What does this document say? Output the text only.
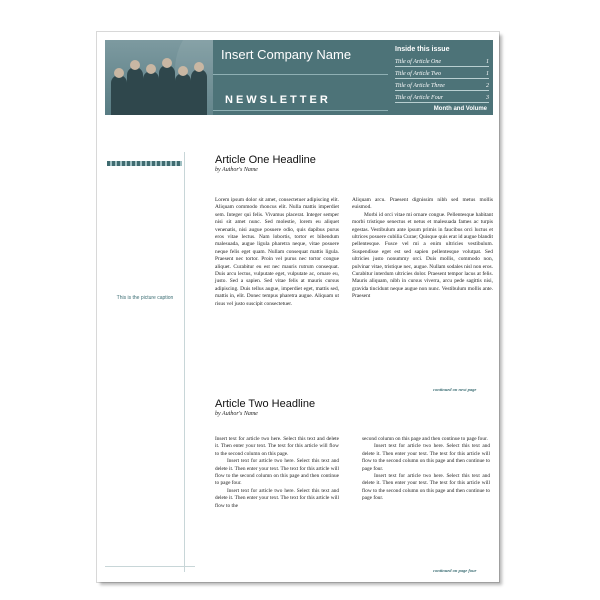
Insert Company Name
NEWSLETTER
Inside this issue
Title of Article One	1
Title of Article Two	1
Title of Article Three	2
Title of Article Four	3
Month and Volume
This is the picture caption
Article One Headline
by Author's Name

Lorem ipsum dolor sit amet, consectetuer adipiscing elit. Aliquam commodo rhoncus elit. Nulla mattis imperdiet sem. Integer qui felis. Vivamus placerat. Integer semper nisi sit amet nunc. Sed molestie, lorem eu aliquet venenatis, nisi augue posuere odio, quis dapibus purus eros vitae lectus. Nam lobortis, tortor et bibendum malesuada, augue ligula pharetra neque, vitae posuere neque felis eget quam. Nullam consequat mattis ligula. Praesent nec tortor. Proin vel purus nec tortor congue aliquet. Curabitur eu est nec mauris rutrum consequat. Duis arcu lectus, vulputate eget, vulputate ac, ornare eu, justo. Sed a sapien. Sed vitae felis at mauris cursus adipiscing. Duis tellus augue, imperdiet eget, mattis sed, mattis in, elit. Donec tempus pharetra augue. Aliquam ut risus vel justo suscipit consectetuer.

Aliquam arcu. Praesent dignissim nibh sed metus mollis euismod.

Morbi id orci vitae mi ornare congue. Pellentesque habitant morbi tristique senectus et netus et malesuada fames ac turpis egestas. Vestibulum ante ipsum primis in faucibus orci luctus et ultrices posuere cubilia Curae; Quisque quis erat id augue blandit pellentesque. Fusce vel mi a enim ultricies vestibulum. Suspendisse eget est sed sapien pellentesque volutpat. Sed ultricies justo nonummy orci. Duis mollis, commodo non, pulvinar vitae, tristique nec, augue. Nullam sodales nisl non eros. Curabitur interdum ultricies dolor. Praesent tempor lacus at felis. Mauris aliquam, nibh in cursus viverra, arcu pede sagittis nisi, gravida tincidunt neque augue non nunc. Vestibulum mollis ante. Praesent

continued on next page
Article Two Headline
by Author's Name

Insert text for article two here. Select this text and delete it. Then enter your text. The text for this article will flow to the second column on this page.

Insert text for article two here. Select this text and delete it. Then enter your text. The text for this article will flow to the second column on this page and then continue to page four.

Insert text for article two here. Select this text and delete it. Then enter your text. The text for this article will flow to the

second column on this page and then continue to page four.

Insert text for article two here. Select this text and delete it. Then enter your text. The text for this article will flow to the second column on this page and then continue to page four.

Insert text for article two here. Select this text and delete it. Then enter your text. The text for this article will flow to the second column on this page and then continue to page four.

continued on page four
